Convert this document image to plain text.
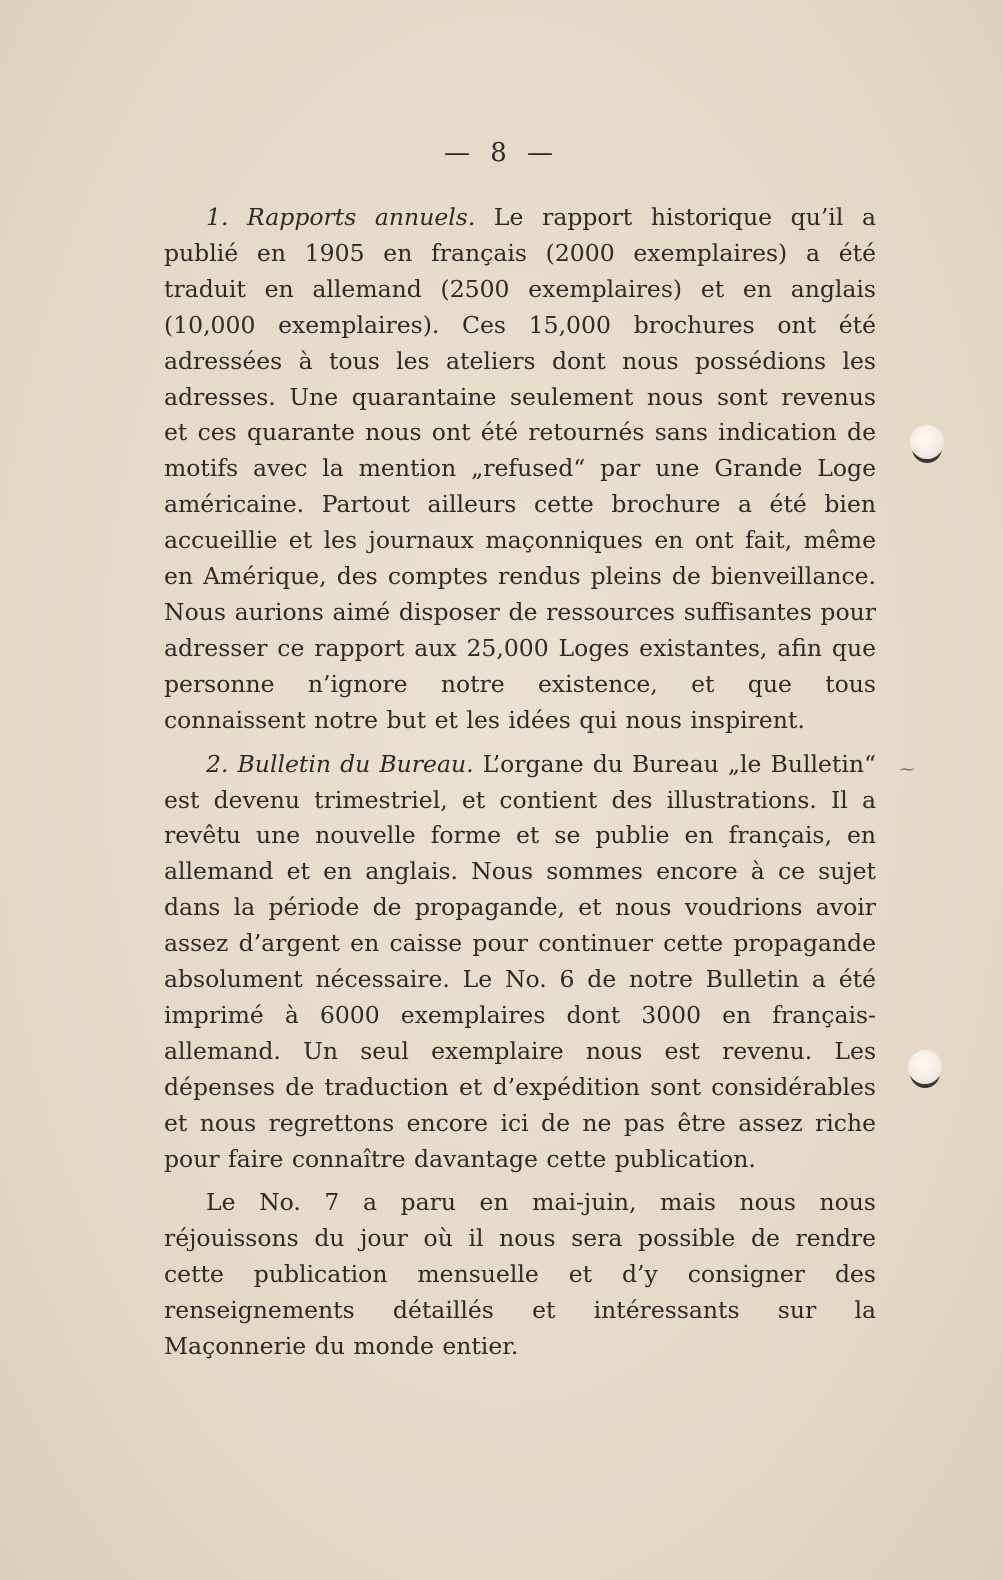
— 8 —

1. Rapports annuels. Le rapport historique qu’il a publié en 1905 en français (2000 exemplaires) a été traduit en allemand (2500 exemplaires) et en anglais (10,000 exemplaires). Ces 15,000 brochures ont été adressées à tous les ateliers dont nous possédions les adresses. Une quarantaine seulement nous sont revenus et ces quarante nous ont été retournés sans indication de motifs avec la mention „refused“ par une Grande Loge américaine. Partout ailleurs cette brochure a été bien accueillie et les journaux maçonniques en ont fait, même en Amérique, des comptes rendus pleins de bienveillance. Nous aurions aimé disposer de ressources suffisantes pour adresser ce rapport aux 25,000 Loges existantes, afin que personne n’ignore notre existence, et que tous connaissent notre but et les idées qui nous inspirent.

2. Bulletin du Bureau. L’organe du Bureau „le Bulletin“ est devenu trimestriel, et contient des illustrations. Il a revêtu une nouvelle forme et se publie en français, en allemand et en anglais. Nous sommes encore à ce sujet dans la période de propagande, et nous voudrions avoir assez d’argent en caisse pour continuer cette propagande absolument nécessaire. Le No. 6 de notre Bulletin a été imprimé à 6000 exemplaires dont 3000 en français-allemand. Un seul exemplaire nous est revenu. Les dépenses de traduction et d’expédition sont considérables et nous regrettons encore ici de ne pas être assez riche pour faire connaître davantage cette publication.

Le No. 7 a paru en mai-juin, mais nous nous réjouissons du jour où il nous sera possible de rendre cette publication mensuelle et d’y consigner des renseignements détaillés et intéressants sur la Maçonnerie du monde entier.

⁓
